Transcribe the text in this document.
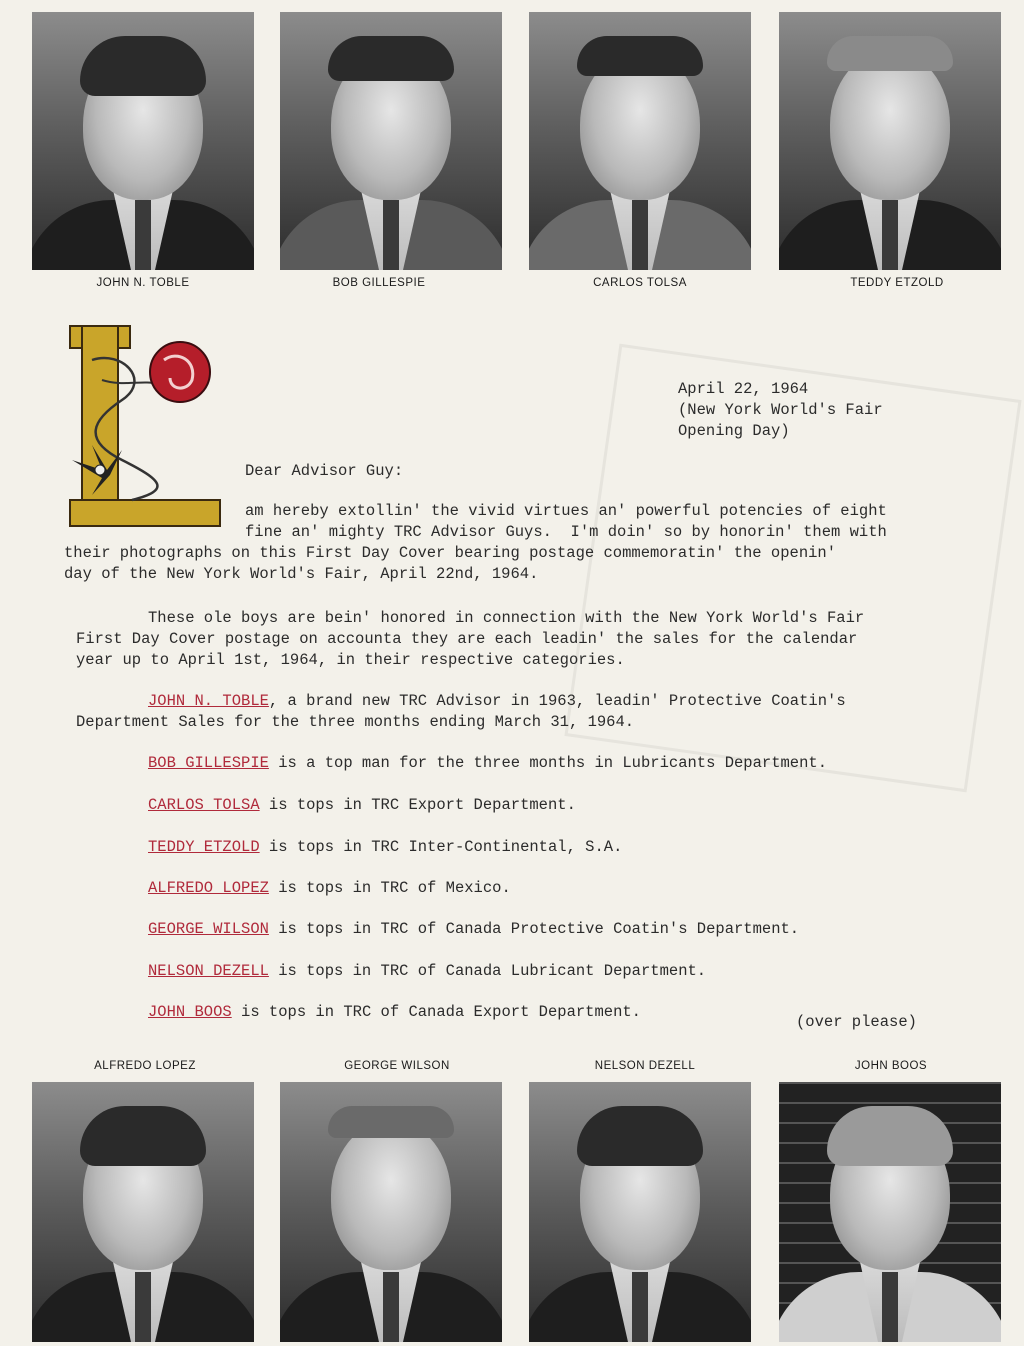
JOHN N. TOBLE	BOB GILLESPIE	CARLOS TOLSA	TEDDY ETZOLD
April 22, 1964
(New York World's Fair
Opening Day)
Dear Advisor Guy:
am hereby extollin' the vivid virtues an' powerful potencies of eight
fine an' mighty TRC Advisor Guys.  I'm doin' so by honorin' them with
their photographs on this First Day Cover bearing postage commemoratin' the openin'
day of the New York World's Fair, April 22nd, 1964.
These ole boys are bein' honored in connection with the New York World's Fair
First Day Cover postage on accounta they are each leadin' the sales for the calendar
year up to April 1st, 1964, in their respective categories.
JOHN N. TOBLE, a brand new TRC Advisor in 1963, leadin' Protective Coatin's
Department Sales for the three months ending March 31, 1964.
BOB GILLESPIE is a top man for the three months in Lubricants Department.
CARLOS TOLSA is tops in TRC Export Department.
TEDDY ETZOLD is tops in TRC Inter-Continental, S.A.
ALFREDO LOPEZ is tops in TRC of Mexico.
GEORGE WILSON is tops in TRC of Canada Protective Coatin's Department.
NELSON DEZELL is tops in TRC of Canada Lubricant Department.
JOHN BOOS is tops in TRC of Canada Export Department.
(over please)
ALFREDO LOPEZ	GEORGE WILSON	NELSON DEZELL	JOHN BOOS
